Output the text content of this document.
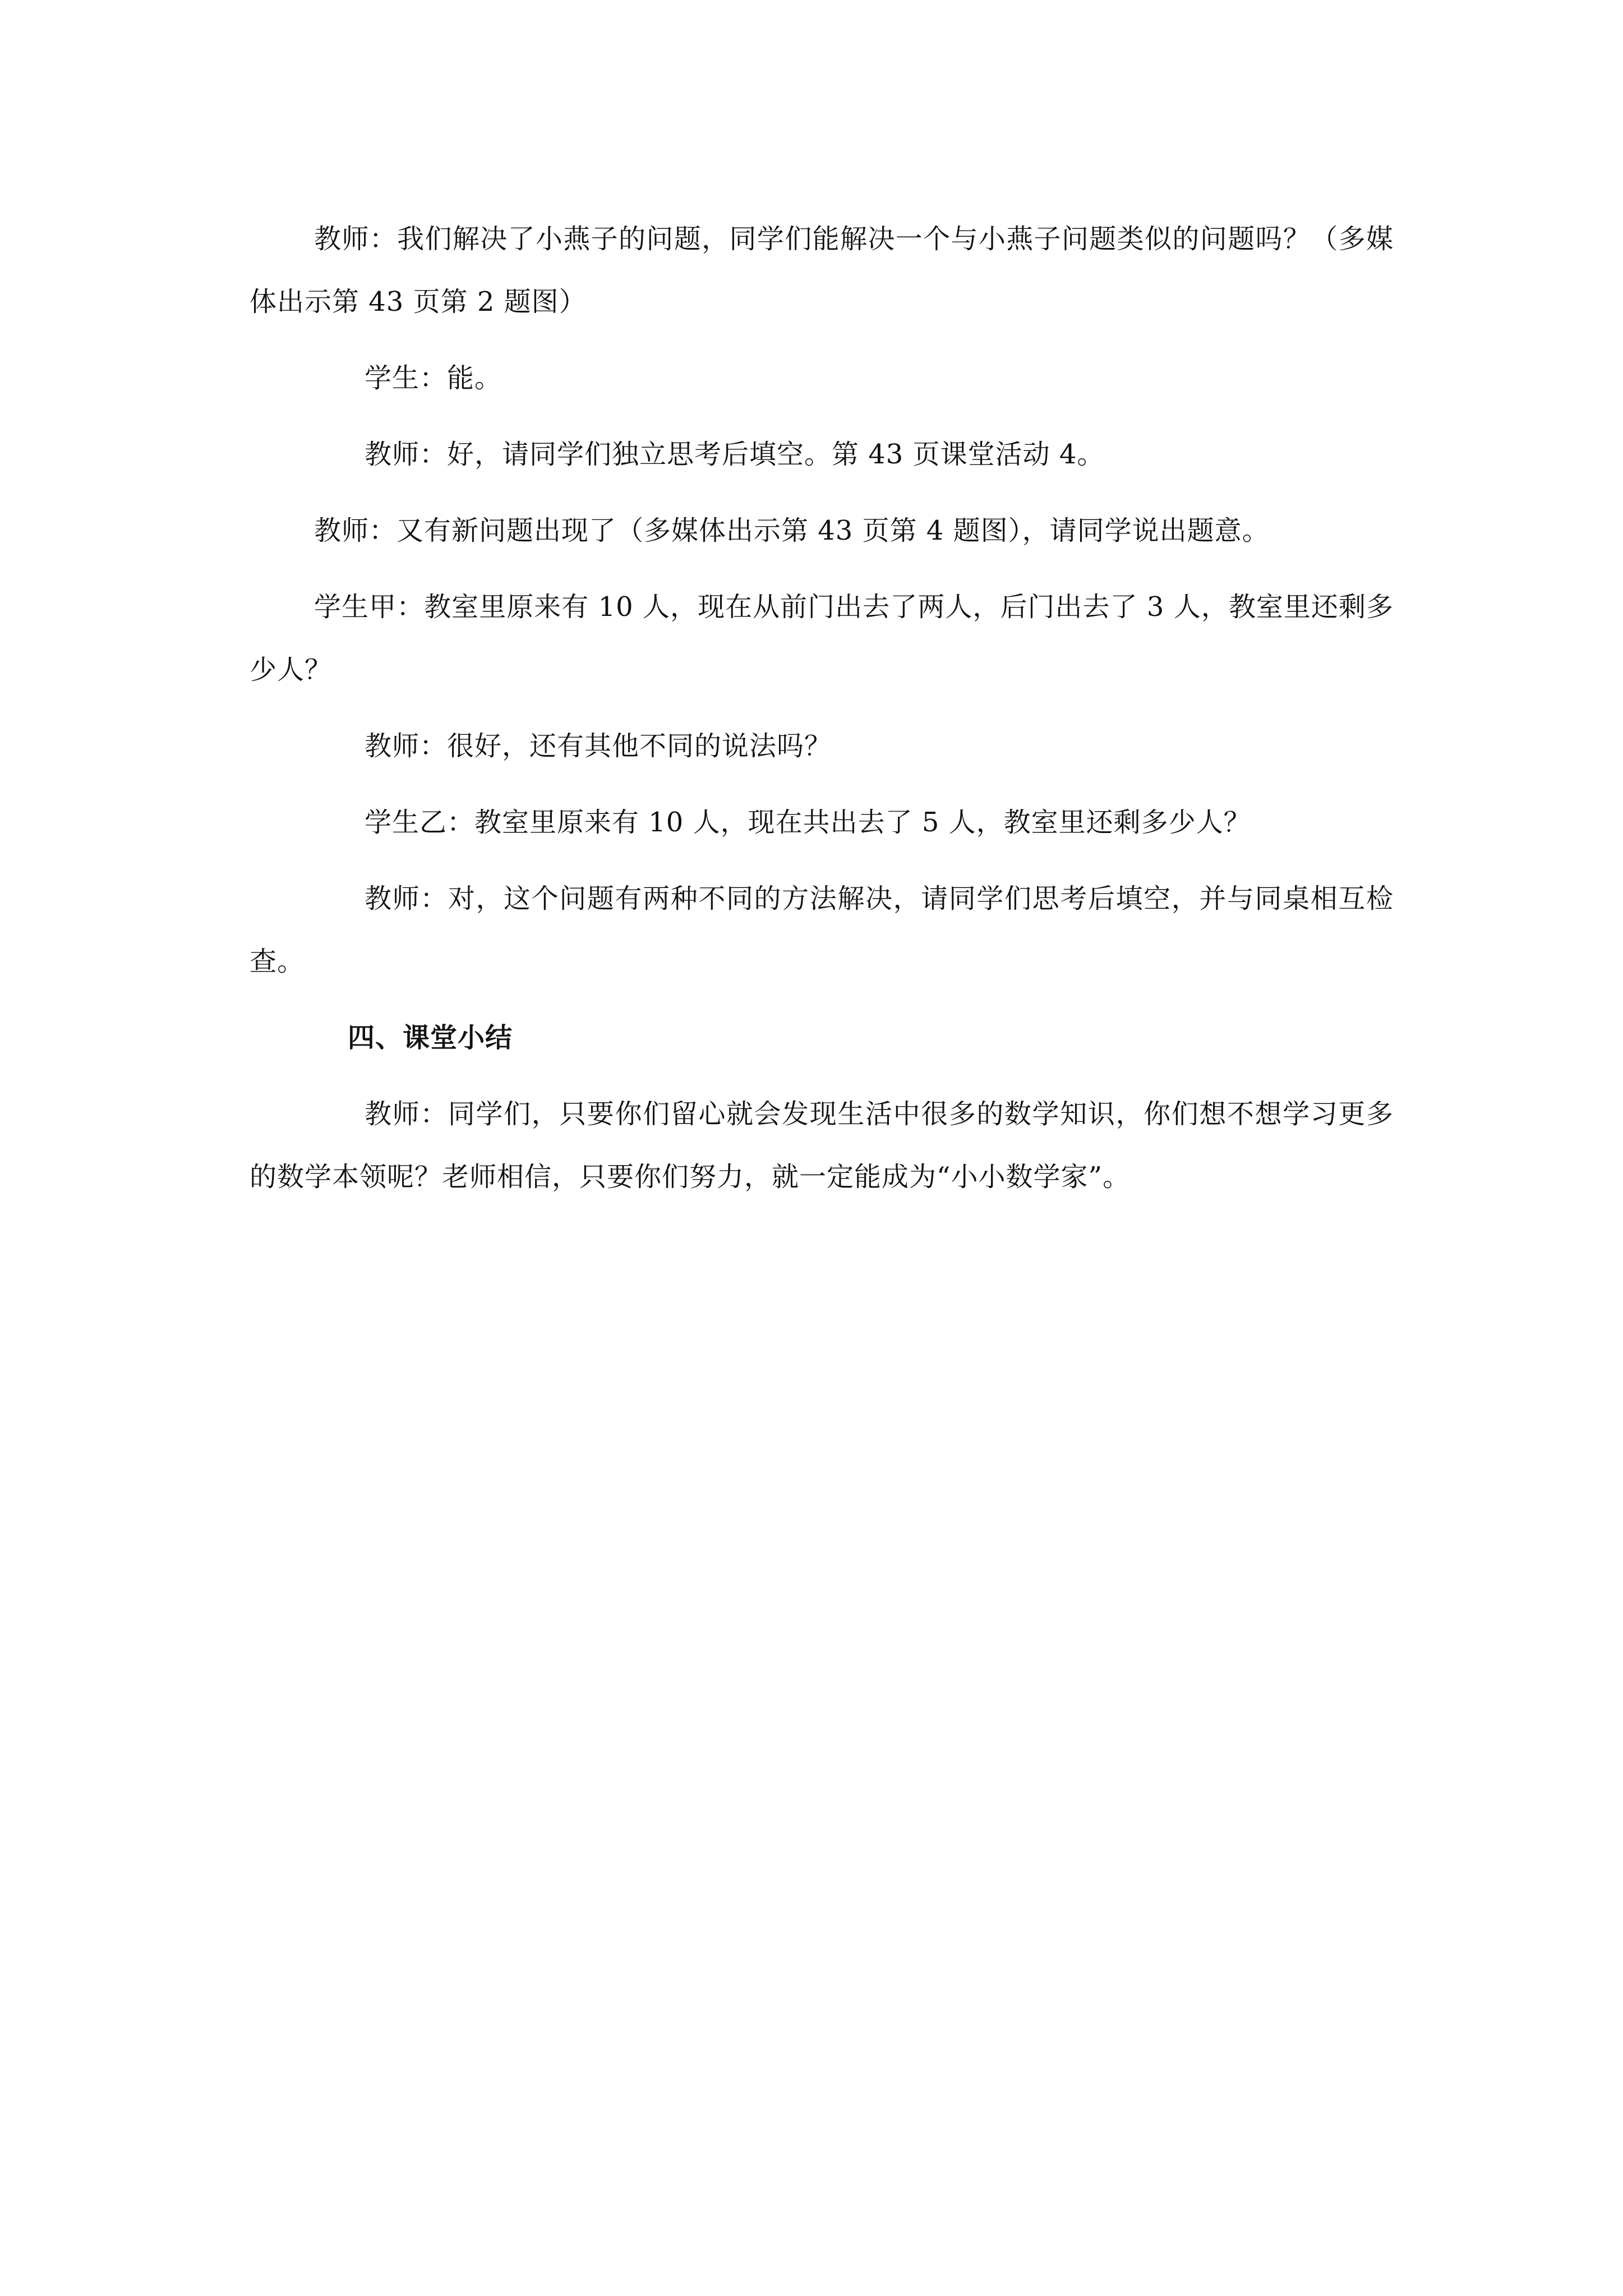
教师：我们解决了小燕子的问题，同学们能解决一个与小燕子问题类似的问题吗？（多媒体出示第 43 页第 2 题图）

学生：能。

教师：好，请同学们独立思考后填空。第 43 页课堂活动 4。

教师：又有新问题出现了（多媒体出示第 43 页第 4 题图），请同学说出题意。

学生甲：教室里原来有 10 人，现在从前门出去了两人，后门出去了 3 人，教室里还剩多少人？

教师：很好，还有其他不同的说法吗？

学生乙：教室里原来有 10 人，现在共出去了 5 人，教室里还剩多少人？

教师：对，这个问题有两种不同的方法解决，请同学们思考后填空，并与同桌相互检查。

四、课堂小结

教师：同学们，只要你们留心就会发现生活中很多的数学知识，你们想不想学习更多的数学本领呢？老师相信，只要你们努力，就一定能成为“小小数学家”。
